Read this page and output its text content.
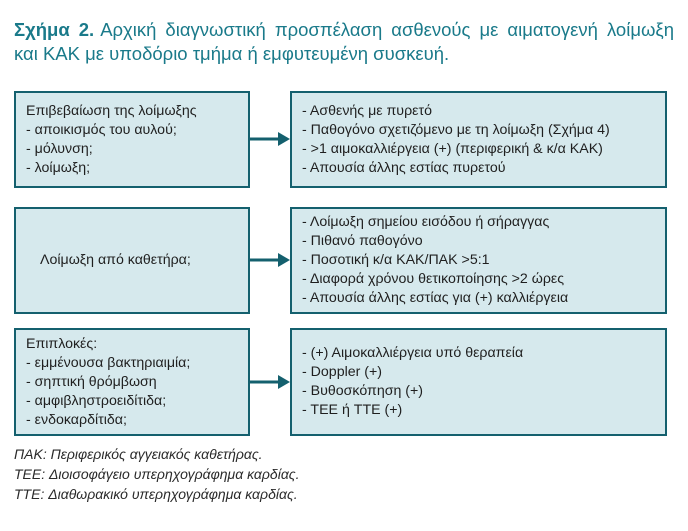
Σχήμα 2. Αρχική διαγνωστική προσπέλαση ασθενούς με αιματογενή λοίμωξη και ΚΑΚ με υποδόριο τμήμα ή εμφυτευμένη συσκευή.
Επιβεβαίωση της λοίμωξης
- αποικισμός του αυλού;
- μόλυνση;
- λοίμωξη;
- Ασθενής με πυρετό
- Παθογόνο σχετιζόμενο με τη λοίμωξη (Σχήμα 4)
- >1 αιμοκαλλιέργεια (+) (περιφερική & κ/α ΚΑΚ)
- Απουσία άλλης εστίας πυρετού
Λοίμωξη από καθετήρα;
- Λοίμωξη σημείου εισόδου ή σήραγγας
- Πιθανό παθογόνο
- Ποσοτική κ/α ΚΑΚ/ΠΑΚ >5:1
- Διαφορά χρόνου θετικοποίησης >2 ώρες
- Απουσία άλλης εστίας για (+) καλλιέργεια
Επιπλοκές:
- εμμένουσα βακτηριαιμία;
- σηπτική θρόμβωση
- αμφιβληστροειδίτιδα;
- ενδοκαρδίτιδα;
- (+) Αιμοκαλλιέργεια υπό θεραπεία
- Doppler (+)
- Βυθοσκόπηση (+)
- TEE ή TTE (+)
ΠΑΚ: Περιφερικός αγγειακός καθετήρας.
TEE: Διοισοφάγειο υπερηχογράφημα καρδίας.
TTE: Διαθωρακικό υπερηχογράφημα καρδίας.
